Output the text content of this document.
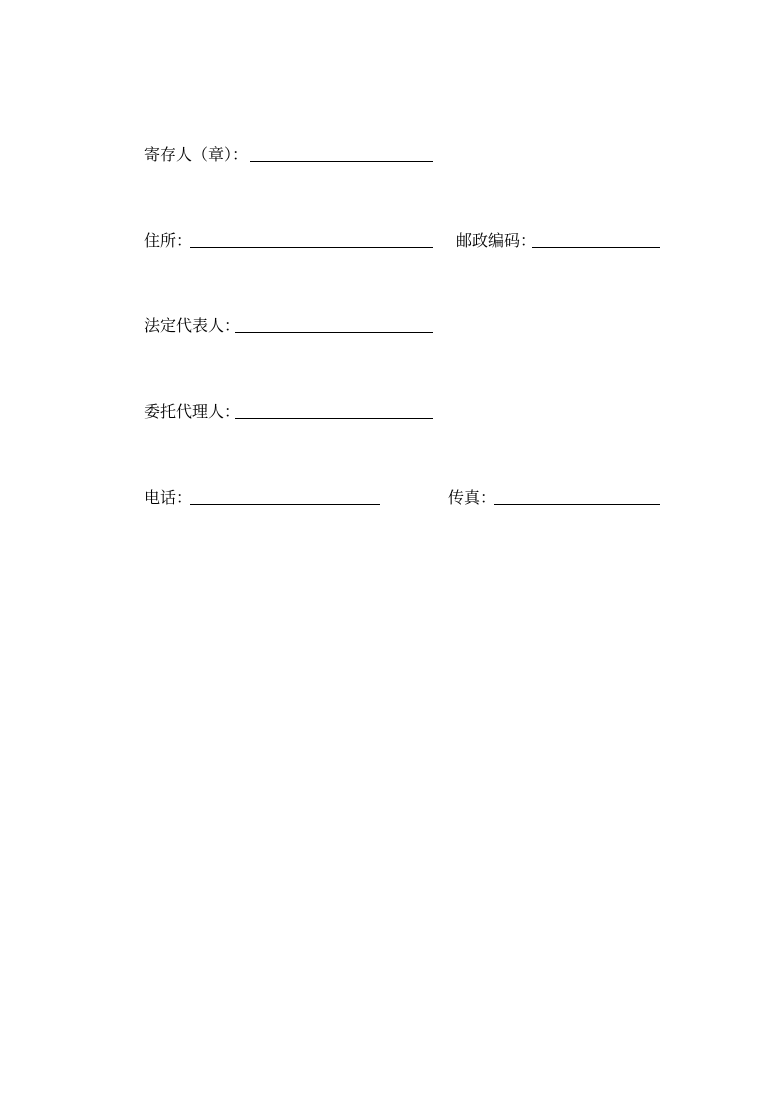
寄存人（章）：
住所：	邮政编码：
法定代表人：
委托代理人：
电话：	传真：
